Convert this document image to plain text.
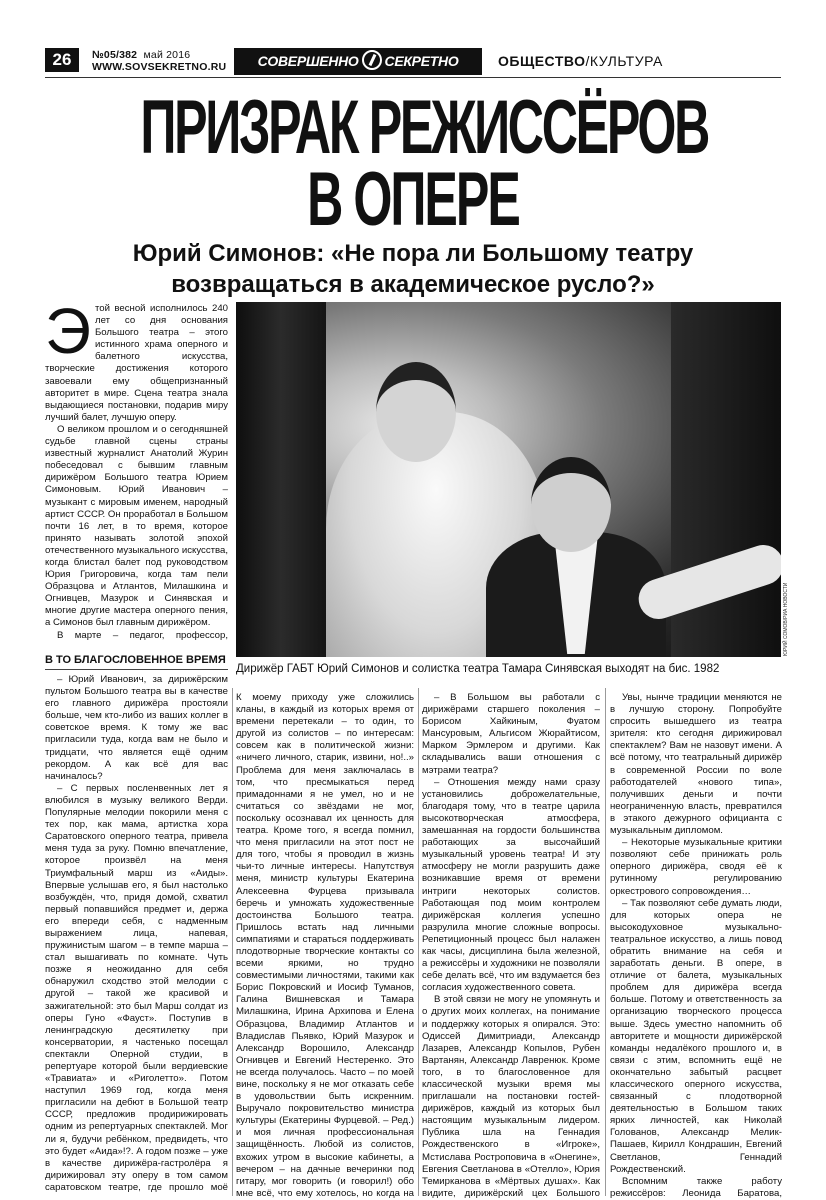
26	№05/382 май 2016
WWW.SOVSEKRETNO.RU	СОВЕРШЕННО СЕКРЕТНО	ОБЩЕСТВО/КУЛЬТУРА
ПРИЗРАК РЕЖИССЁРОВ
В ОПЕРЕ
Юрий Симонов: «Не пора ли Большому театру возвращаться в академическое русло?»
ЮРИЙ СОМОВ/РИА НОВОСТИ
Дирижёр ГАБТ Юрий Симонов и солистка театра Тамара Синявская выходят на бис. 1982
Э той весной исполнилось 240 лет со дня основания Большого театра – этого истинного храма оперного и балетного искусства, творческие достижения которого завоевали ему общепризнанный авторитет в мире. Сцена театра знала выдающиеся постановки, подарив миру лучший балет, лучшую оперу.

О великом прошлом и о сегодняшней судьбе главной сцены страны известный журналист Анатолий Журин побеседовал с бывшим главным дирижёром Большого театра Юрием Симоновым. Юрий Иванович – музыкант с мировым именем, народный артист СССР. Он проработал в Большом почти 16 лет, в то время, которое принято называть золотой эпохой отечественного музыкального искусства, когда блистал балет под руководством Юрия Григоровича, когда там пели Образцова и Атлантов, Милашкина и Огнивцев, Мазурок и Синявская и многие другие мастера оперного пения, а Симонов был главным дирижёром.

В марте – педагог, профессор,

В ТО БЛАГОСЛОВЕННОЕ ВРЕМЯ

– Юрий Иванович, за дирижёрским пультом Большого театра вы в качестве его главного дирижёра простояли больше, чем кто-либо из ваших коллег в советское время. К тому же вас пригласили туда, когда вам не было и тридцати, что является ещё одним рекордом. А как всё для вас начиналось?

– С первых посленвенных лет я влюбился в музыку великого Верди. Популярные мелодии покорили меня с тех пор, как мама, артистка хора Саратовского оперного театра, привела меня туда за руку. Помню впечатление, которое произвёл на меня Триумфальный марш из «Аиды». Впервые услышав его, я был настолько возбуждён, что, придя домой, схватил первый попавшийся предмет и, держа его впереди себя, с надменным выражением лица, напевая, пружинистым шагом – в темпе марша – стал вышагивать по комнате. Чуть позже я неожиданно для себя обнаружил сходство этой мелодии с другой – такой же красивой и зажигательной: это был Марш солдат из оперы Гуно «Фауст». Поступив в ленинградскую десятилетку при консерватории, я частенько посещал спектакли Оперной студии, в репертуаре которой были вердиевские «Травиата» и «Риголетто». Потом наступил 1969 год, когда меня пригласили на дебют в Большой театр СССР, предложив продирижировать одним из репертуарных спектаклей. Мог ли я, будучи ребёнком, предвидеть, что это будет «Аида»!?. А годом позже – уже в качестве дирижёра-гастролёра я дирижировал эту оперу в том самом саратовском театре, где прошло моё

К моему приходу уже сложились кланы, в каждый из которых время от времени перетекали – то один, то другой из солистов – по интересам: совсем как в политической жизни: «ничего личного, старик, извини, но!..» Проблема для меня заключалась в том, что пресмыкаться перед примадоннами я не умел, но и не считаться со звёздами не мог, поскольку осознавал их ценность для театра. Кроме того, я всегда помнил, что меня пригласили на этот пост не для того, чтобы я проводил в жизнь чьи-то личные интересы. Напутствуя меня, министр культуры Екатерина Алексеевна Фурцева призывала беречь и умножать художественные достоинства Большого театра. Пришлось встать над личными симпатиями и стараться поддерживать плодотворные творческие контакты со всеми яркими, но трудно совместимыми личностями, такими как Борис Покровский и Иосиф Туманов, Галина Вишневская и Тамара Милашкина, Ирина Архипова и Елена Образцова, Владимир Атлантов и Владислав Пьявко, Юрий Мазурок и Александр Ворошило, Александр Огнивцев и Евгений Нестеренко. Это не всегда получалось. Часто – по моей вине, поскольку я не мог отказать себе в удовольствии быть искренним. Выручало покровительство министра культуры (Екатерины Фурцевой. – Ред.) и моя личная профессиональная защищённость. Любой из солистов, вхожих утром в высокие кабинеты, а вечером – на дачные вечеринки под гитару, мог говорить (и говорил!) обо мне всё, что ему хотелось, но когда на

– В Большом вы работали с дирижёрами старшего поколения – Борисом Хайкиным, Фуатом Мансуровым, Альгисом Жюрайтисом, Марком Эрмлером и другими. Как складывались ваши отношения с мэтрами театра?

– Отношения между нами сразу установились доброжелательные, благодаря тому, что в театре царила высокотворческая атмосфера, замешанная на гордости большинства работающих за высочайший музыкальный уровень театра! И эту атмосферу не могли разрушить даже возникавшие время от времени интриги некоторых солистов. Работающая под моим контролем дирижёрская коллегия успешно разрулила многие сложные вопросы. Репетиционный процесс был налажен как часы, дисциплина была железной, а режиссёры и художники не позволяли себе делать всё, что им вздумается без согласия художественного совета.

В этой связи не могу не упомянуть и о других моих коллегах, на понимание и поддержку которых я опирался. Это: Одиссей Димитриади, Александр Лазарев, Александр Копылов, Рубен Вартанян, Александр Лавренюк. Кроме того, в то благословенное для классической музыки время мы приглашали на постановки гостей-дирижёров, каждый из которых был настоящим музыкальным лидером. Публика шла на Геннадия Рождественского в «Игроке», Мстислава Ростроповича в «Онегине», Евгения Светланова в «Отелло», Юрия Темирканова в «Мёртвых душах». Как видите, дирижёрский цех Большого

Увы, нынче традиции меняются не в лучшую сторону. Попробуйте спросить вышедшего из театра зрителя: кто сегодня дирижировал спектаклем? Вам не назовут имени. А всё потому, что театральный дирижёр в современной России по воле работодателей «нового типа», получивших деньги и почти неограниченную власть, превратился в этакого дежурного официанта с музыкальным дипломом.

– Некоторые музыкальные критики позволяют себе принижать роль оперного дирижёра, сводя её к рутинному регулированию оркестрового сопровождения…

– Так позволяют себе думать люди, для которых опера не высокодуховное музыкально-театральное искусство, а лишь повод обратить внимание на себя и заработать деньги. В опере, в отличие от балета, музыкальных проблем для дирижёра всегда больше. Потому и ответственность за организацию творческого процесса выше. Здесь уместно напомнить об авторитете и мощности дирижёрской команды недалёкого прошлого и, в связи с этим, вспомнить ещё не окончательно забытый расцвет классического оперного искусства, связанный с плодотворной деятельностью в Большом таких ярких личностей, как Николай Голованов, Александр Мелик-Пашаев, Кирилл Кондрашин, Евгений Светланов, Геннадий Рождественский.

Вспомним также работу режиссёров: Леонида Баратова,
